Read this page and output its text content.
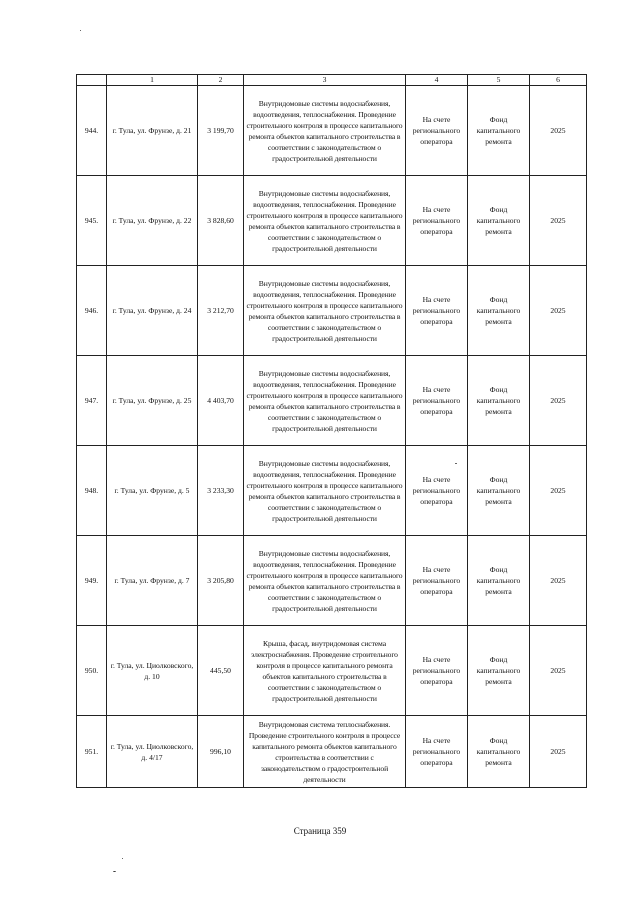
	1	2	3	4	5	6
944.	г. Тула, ул. Фрунзе, д. 21	3 199,70	Внутридомовые системы водоснабжения, водоотведения, теплоснабжения. Проведение строительного контроля в процессе капитального ремонта объектов капитального строительства в соответствии с законодательством о градостроительной деятельности	На счете регионального оператора	Фонд капитального ремонта	2025
945.	г. Тула, ул. Фрунзе, д. 22	3 828,60	Внутридомовые системы водоснабжения, водоотведения, теплоснабжения. Проведение строительного контроля в процессе капитального ремонта объектов капитального строительства в соответствии с законодательством о градостроительной деятельности	На счете регионального оператора	Фонд капитального ремонта	2025
946.	г. Тула, ул. Фрунзе, д. 24	3 212,70	Внутридомовые системы водоснабжения, водоотведения, теплоснабжения. Проведение строительного контроля в процессе капитального ремонта объектов капитального строительства в соответствии с законодательством о градостроительной деятельности	На счете регионального оператора	Фонд капитального ремонта	2025
947.	г. Тула, ул. Фрунзе, д. 25	4 403,70	Внутридомовые системы водоснабжения, водоотведения, теплоснабжения. Проведение строительного контроля в процессе капитального ремонта объектов капитального строительства в соответствии с законодательством о градостроительной деятельности	На счете регионального оператора	Фонд капитального ремонта	2025
948.	г. Тула, ул. Фрунзе, д. 5	3 233,30	Внутридомовые системы водоснабжения, водоотведения, теплоснабжения. Проведение строительного контроля в процессе капитального ремонта объектов капитального строительства в соответствии с законодательством о градостроительной деятельности	На счете регионального оператора	Фонд капитального ремонта	2025
949.	г. Тула, ул. Фрунзе, д. 7	3 205,80	Внутридомовые системы водоснабжения, водоотведения, теплоснабжения. Проведение строительного контроля в процессе капитального ремонта объектов капитального строительства в соответствии с законодательством о градостроительной деятельности	На счете регионального оператора	Фонд капитального ремонта	2025
950.	г. Тула, ул. Циолковского, д. 10	445,50	Крыша, фасад, внутридомовая система электроснабжения. Проведение строительного контроля в процессе капитального ремонта объектов капитального строительства в соответствии с законодательством о градостроительной деятельности	На счете регионального оператора	Фонд капитального ремонта	2025
951.	г. Тула, ул. Циолковского, д. 4/17	996,10	Внутридомовая система теплоснабжения. Проведение строительного контроля в процессе капитального ремонта объектов капитального строительства в соответствии с законодательством о градостроительной деятельности	На счете регионального оператора	Фонд капитального ремонта	2025
Страница 359
